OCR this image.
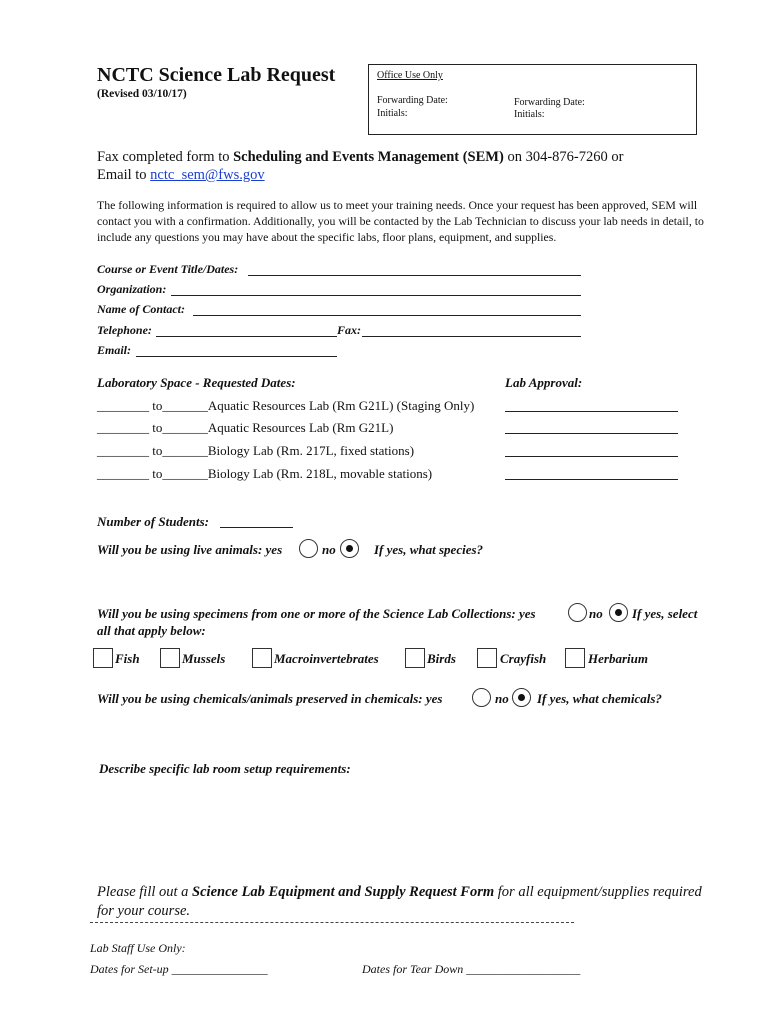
NCTC Science Lab Request
(Revised 03/10/17)
Office Use Only
Forwarding Date:
Initials:
Forwarding Date:
Initials:
Fax completed form to Scheduling and Events Management (SEM) on 304-876-7260 or
Email to nctc_sem@fws.gov
The following information is required to allow us to meet your training needs. Once your request has been approved, SEM will contact you with a confirmation. Additionally, you will be contacted by the Lab Technician to discuss your lab needs in detail, to include any questions you may have about the specific labs, floor plans, equipment, and supplies.
Course or Event Title/Dates:
Organization:
Name of Contact:
Telephone:	Fax:
Email:
Laboratory Space - Requested Dates:	Lab Approval:
________ to_______Aquatic Resources Lab (Rm G21L) (Staging Only)
________ to_______Aquatic Resources Lab (Rm G21L)
________ to_______Biology Lab (Rm. 217L, fixed stations)
________ to_______Biology Lab (Rm. 218L, movable stations)
Number of Students:
Will you be using live animals: yes	no	If yes, what species?
Will you be using specimens from one or more of the Science Lab Collections: yes	no If yes, select
all that apply below:
Fish	Mussels	Macroinvertebrates	Birds	Crayfish	Herbarium
Will you be using chemicals/animals preserved in chemicals: yes	no If yes, what chemicals?
Describe specific lab room setup requirements:
Please fill out a Science Lab Equipment and Supply Request Form for all equipment/supplies required for your course.
Lab Staff Use Only:
Dates for Set-up ________________	Dates for Tear Down ___________________
